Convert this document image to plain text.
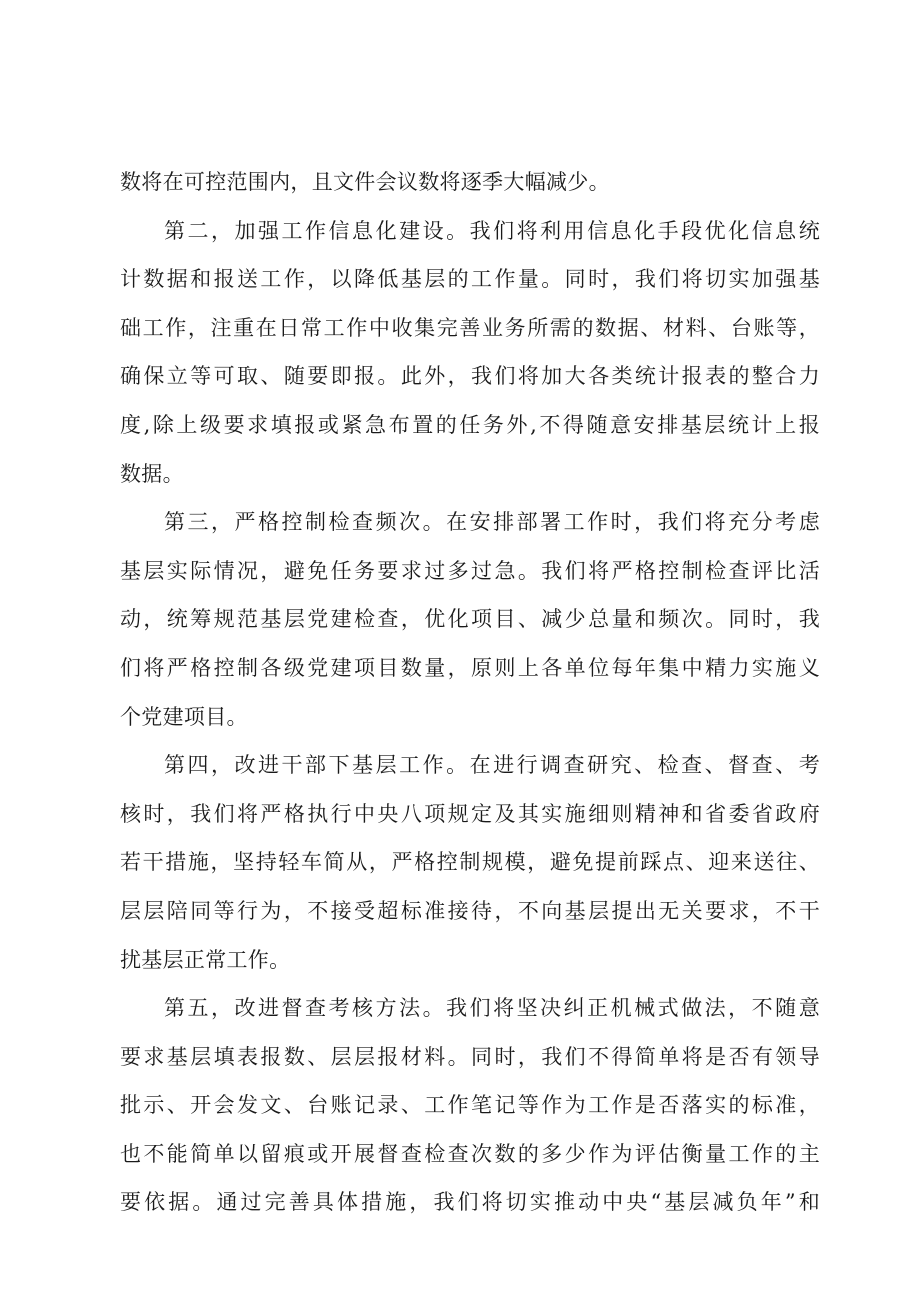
数将在可控范围内，且文件会议数将逐季大幅减少。
第二，加强工作信息化建设。我们将利用信息化手段优化信息统
计数据和报送工作，以降低基层的工作量。同时，我们将切实加强基
础工作，注重在日常工作中收集完善业务所需的数据、材料、台账等，
确保立等可取、随要即报。此外，我们将加大各类统计报表的整合力
度,除上级要求填报或紧急布置的任务外,不得随意安排基层统计上报
数据。
第三，严格控制检查频次。在安排部署工作时，我们将充分考虑
基层实际情况，避免任务要求过多过急。我们将严格控制检查评比活
动，统筹规范基层党建检查，优化项目、减少总量和频次。同时，我
们将严格控制各级党建项目数量，原则上各单位每年集中精力实施义
个党建项目。
第四，改进干部下基层工作。在进行调查研究、检查、督查、考
核时，我们将严格执行中央八项规定及其实施细则精神和省委省政府
若干措施，坚持轻车简从，严格控制规模，避免提前踩点、迎来送往、
层层陪同等行为，不接受超标准接待，不向基层提出无关要求，不干
扰基层正常工作。
第五，改进督查考核方法。我们将坚决纠正机械式做法，不随意
要求基层填表报数、层层报材料。同时，我们不得简单将是否有领导
批示、开会发文、台账记录、工作笔记等作为工作是否落实的标准，
也不能简单以留痕或开展督查检查次数的多少作为评估衡量工作的主
要依据。通过完善具体措施，我们将切实推动中央“基层减负年”和
